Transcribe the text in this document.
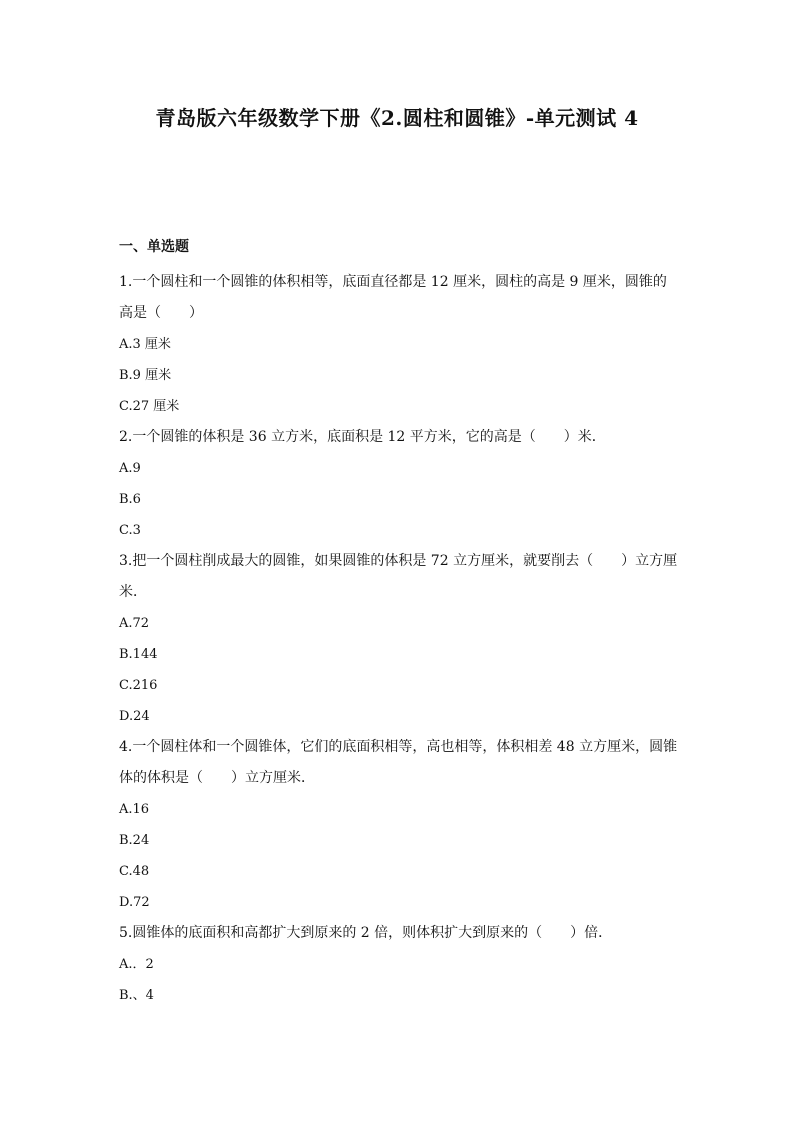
青岛版六年级数学下册《2.圆柱和圆锥》-单元测试 4
一、单选题

1.一个圆柱和一个圆锥的体积相等，底面直径都是 12 厘米，圆柱的高是 9 厘米，圆锥的高是（　　）

A.3 厘米

B.9 厘米

C.27 厘米

2.一个圆锥的体积是 36 立方米，底面积是 12 平方米，它的高是（　　）米．

A.9

B.6

C.3

3.把一个圆柱削成最大的圆锥，如果圆锥的体积是 72 立方厘米，就要削去（　　）立方厘米．

A.72

B.144

C.216

D.24

4.一个圆柱体和一个圆锥体，它们的底面积相等，高也相等，体积相差 48 立方厘米，圆锥体的体积是（　　）立方厘米．

A.16

B.24

C.48

D.72

5.圆锥体的底面积和高都扩大到原来的 2 倍，则体积扩大到原来的（　　）倍．

A.．2

B.、4
